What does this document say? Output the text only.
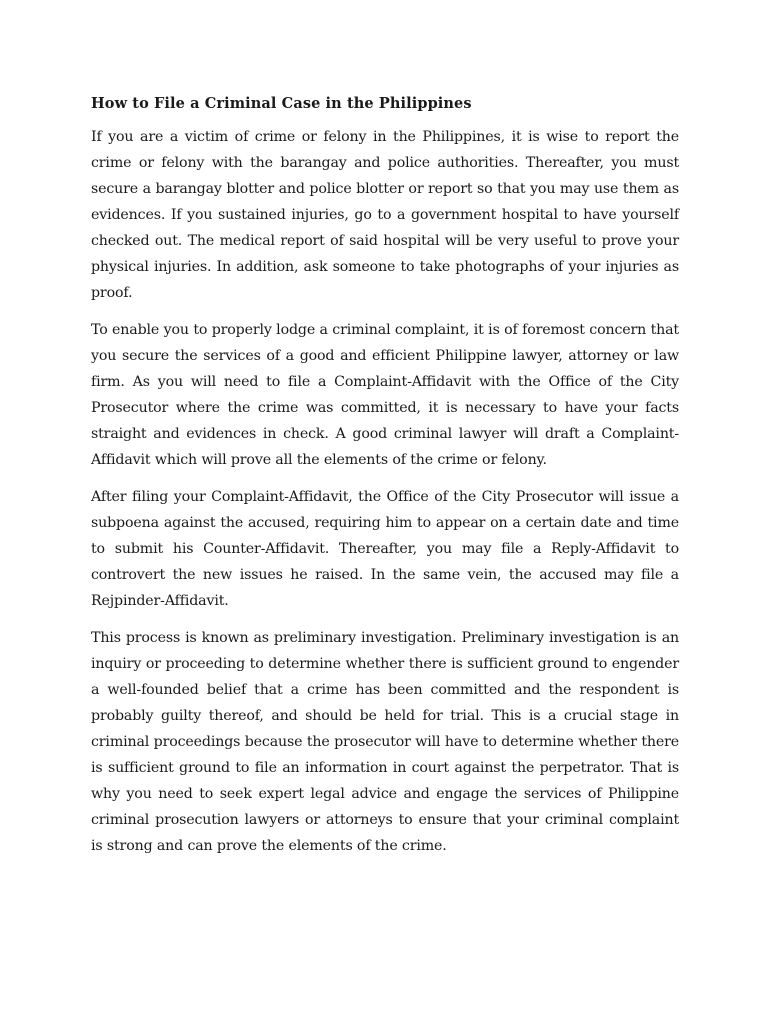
How to File a Criminal Case in the Philippines

If you are a victim of crime or felony in the Philippines, it is wise to report the crime or felony with the barangay and police authorities. Thereafter, you must secure a barangay blotter and police blotter or report so that you may use them as evidences. If you sustained injuries, go to a government hospital to have yourself checked out. The medical report of said hospital will be very useful to prove your physical injuries. In addition, ask someone to take photographs of your injuries as proof.

To enable you to properly lodge a criminal complaint, it is of foremost concern that you secure the services of a good and efficient Philippine lawyer, attorney or law firm. As you will need to file a Complaint-Affidavit with the Office of the City Prosecutor where the crime was committed, it is necessary to have your facts straight and evidences in check. A good criminal lawyer will draft a Complaint-Affidavit which will prove all the elements of the crime or felony.

After filing your Complaint-Affidavit, the Office of the City Prosecutor will issue a subpoena against the accused, requiring him to appear on a certain date and time to submit his Counter-Affidavit. Thereafter, you may file a Reply-Affidavit to controvert the new issues he raised. In the same vein, the accused may file a Rejpinder-Affidavit.

This process is known as preliminary investigation. Preliminary investigation is an inquiry or proceeding to determine whether there is sufficient ground to engender a well-founded belief that a crime has been committed and the respondent is probably guilty thereof, and should be held for trial. This is a crucial stage in criminal proceedings because the prosecutor will have to determine whether there is sufficient ground to file an information in court against the perpetrator. That is why you need to seek expert legal advice and engage the services of Philippine criminal prosecution lawyers or attorneys to ensure that your criminal complaint is strong and can prove the elements of the crime.
